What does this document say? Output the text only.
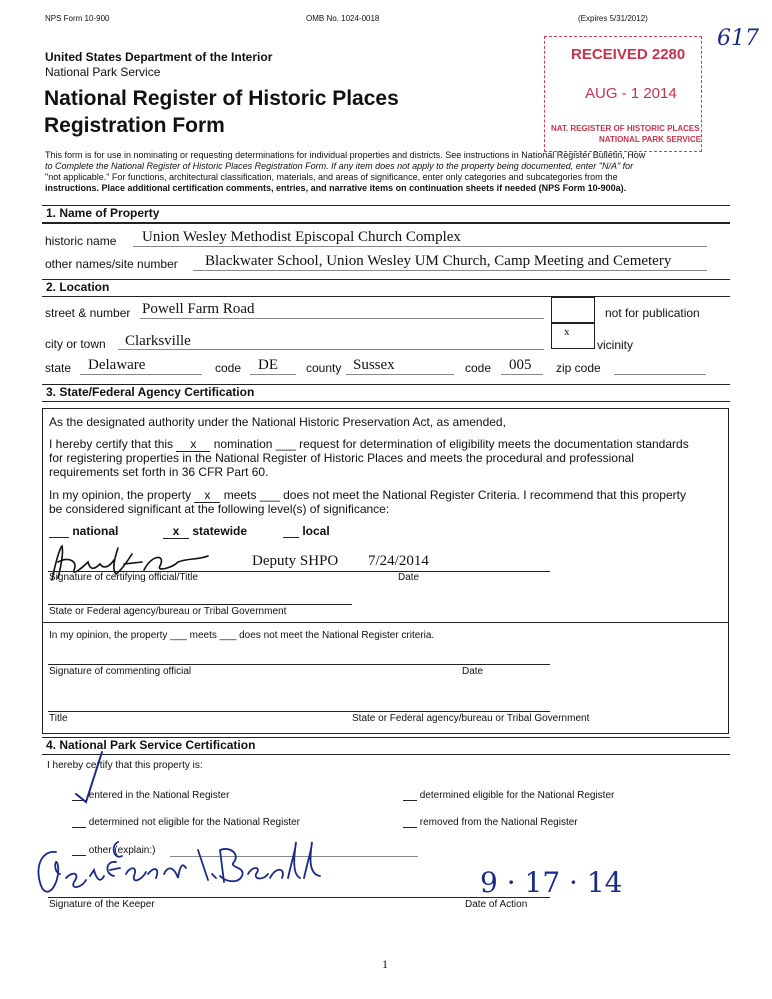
NPS Form 10-900	OMB No. 1024-0018	(Expires 5/31/2012)
617
United States Department of the Interior
National Park Service
National Register of Historic Places
Registration Form
RECEIVED 2280
AUG - 1 2014
NAT. REGISTER OF HISTORIC PLACES
NATIONAL PARK SERVICE
This form is for use in nominating or requesting determinations for individual properties and districts. See instructions in National Register Bulletin, How
to Complete the National Register of Historic Places Registration Form. If any item does not apply to the property being documented, enter "N/A" for
"not applicable." For functions, architectural classification, materials, and areas of significance, enter only categories and subcategories from the
instructions. Place additional certification comments, entries, and narrative items on continuation sheets if needed (NPS Form 10-900a).
1. Name of Property
historic name Union Wesley Methodist Episcopal Church Complex
other names/site number Blackwater School, Union Wesley UM Church, Camp Meeting and Cemetery
2. Location
street & number Powell Farm Road	not for publication
city or town Clarksville
x
vicinity
state Delaware	code DE county Sussex	code 005 zip code
3. State/Federal Agency Certification
As the designated authority under the National Historic Preservation Act, as amended,
I hereby certify that this x nomination ___ request for determination of eligibility meets the documentation standards
for registering properties in the National Register of Historic Places and meets the procedural and professional
requirements set forth in 36 CFR Part 60.
In my opinion, the property x meets ___ does not meet the National Register Criteria. I recommend that this property
be considered significant at the following level(s) of significance:
national	x statewide	local
Deputy SHPO 7/24/2014
Signature of certifying official/Title	Date
State or Federal agency/bureau or Tribal Government
In my opinion, the property ___ meets ___ does not meet the National Register criteria.
Signature of commenting official	Date
Title	State or Federal agency/bureau or Tribal Government
4. National Park Service Certification
I hereby certify that this property is:
entered in the National Register	determined eligible for the National Register
determined not eligible for the National Register	removed from the National Register
other (explain:)
9 · 17 · 14
Signature of the Keeper	Date of Action
1
